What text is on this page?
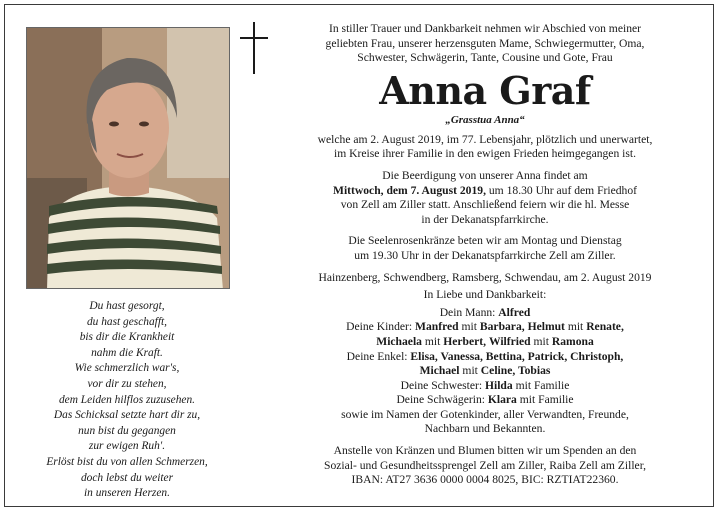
Du hast gesorgt,
du hast geschafft,
bis dir die Krankheit
nahm die Kraft.
Wie schmerzlich war's,
vor dir zu stehen,
dem Leiden hilflos zuzusehen.
Das Schicksal setzte hart dir zu,
nun bist du gegangen
zur ewigen Ruh'.
Erlöst bist du von allen Schmerzen,
doch lebst du weiter
in unseren Herzen.
In stiller Trauer und Dankbarkeit nehmen wir Abschied von meiner
geliebten Frau, unserer herzensguten Mame, Schwiegermutter, Oma,
Schwester, Schwägerin, Tante, Cousine und Gote, Frau
Anna Graf
„Grasstua Anna“
welche am 2. August 2019, im 77. Lebensjahr, plötzlich und unerwartet,
im Kreise ihrer Familie in den ewigen Frieden heimgegangen ist.
Die Beerdigung von unserer Anna findet am
Mittwoch, dem 7. August 2019, um 18.30 Uhr auf dem Friedhof
von Zell am Ziller statt. Anschließend feiern wir die hl. Messe
in der Dekanatspfarrkirche.
Die Seelenrosenkränze beten wir am Montag und Dienstag
um 19.30 Uhr in der Dekanatspfarrkirche Zell am Ziller.
Hainzenberg, Schwendberg, Ramsberg, Schwendau, am 2. August 2019
In Liebe und Dankbarkeit:
Dein Mann: Alfred
Deine Kinder: Manfred mit Barbara, Helmut mit Renate,
Michaela mit Herbert, Wilfried mit Ramona
Deine Enkel: Elisa, Vanessa, Bettina, Patrick, Christoph,
Michael mit Celine, Tobias
Deine Schwester: Hilda mit Familie
Deine Schwägerin: Klara mit Familie
sowie im Namen der Gotenkinder, aller Verwandten, Freunde,
Nachbarn und Bekannten.
Anstelle von Kränzen und Blumen bitten wir um Spenden an den
Sozial- und Gesundheitssprengel Zell am Ziller, Raiba Zell am Ziller,
IBAN: AT27 3636 0000 0004 8025, BIC: RZTIAT22360.
